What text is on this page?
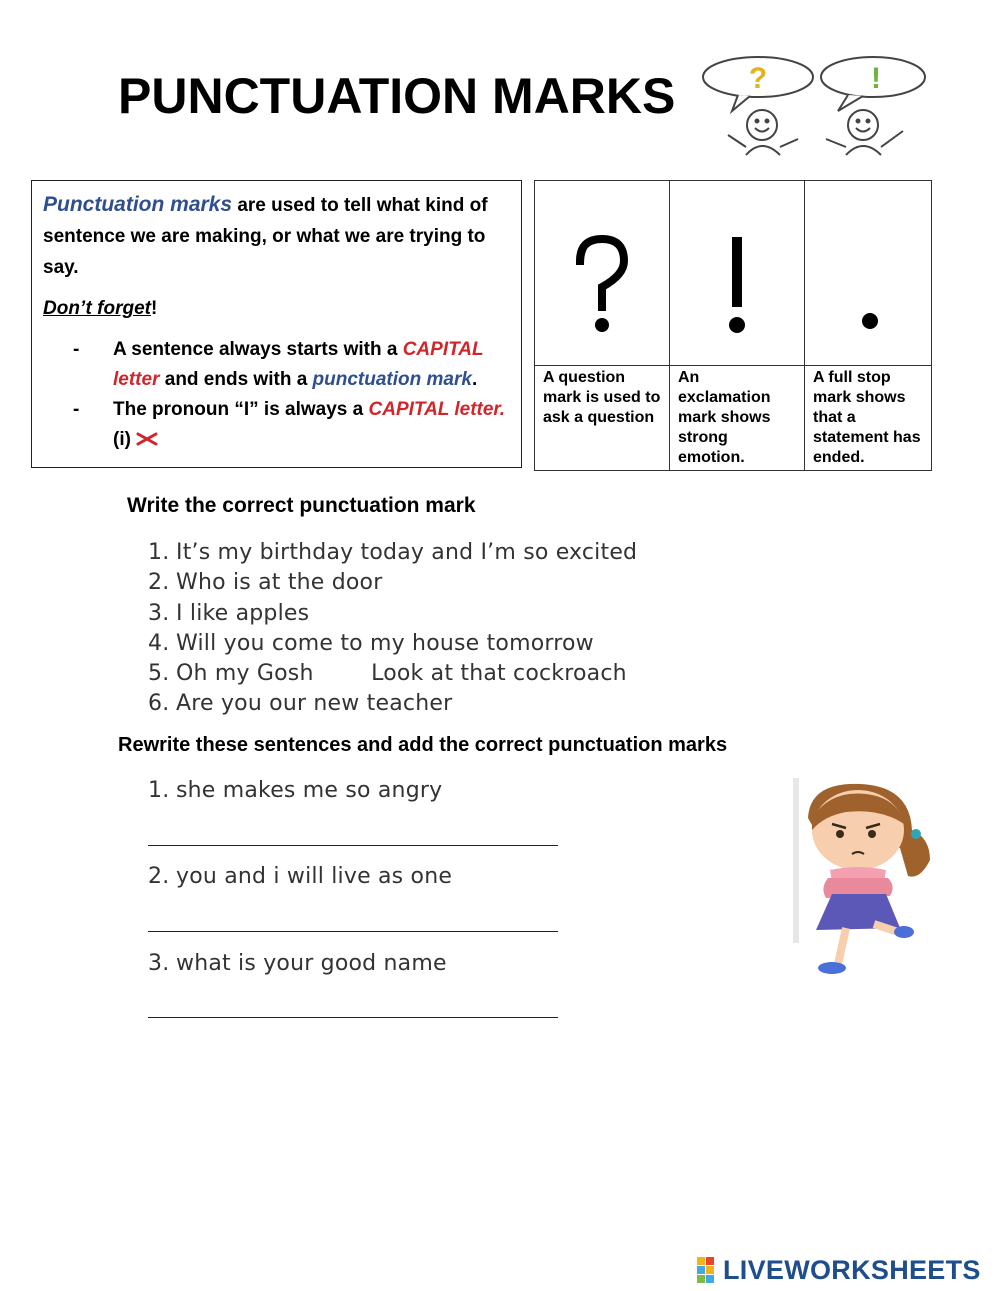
PUNCTUATION MARKS ?	!
Punctuation marks are used to tell what kind of sentence we are making, or what we are trying to say.
Don’t forget!
- A sentence always starts with a CAPITAL letter and ends with a punctuation mark.
- The pronoun “I” is always a CAPITAL letter.
(i)

A question mark is used to ask a question	An exclamation mark shows strong emotion.	A full stop mark shows that a statement has ended.
Write the correct punctuation mark
1. It’s my birthday today and I’m so excited
2. Who is at the door
3. I like apples
4. Will you come to my house tomorrow
5. Oh my Gosh        Look at that cockroach
6. Are you our new teacher
Rewrite these sentences and add the correct punctuation marks
1. she makes me so angry
2. you and i will live as one
3. what is your good name
LIVEWORKSHEETS
